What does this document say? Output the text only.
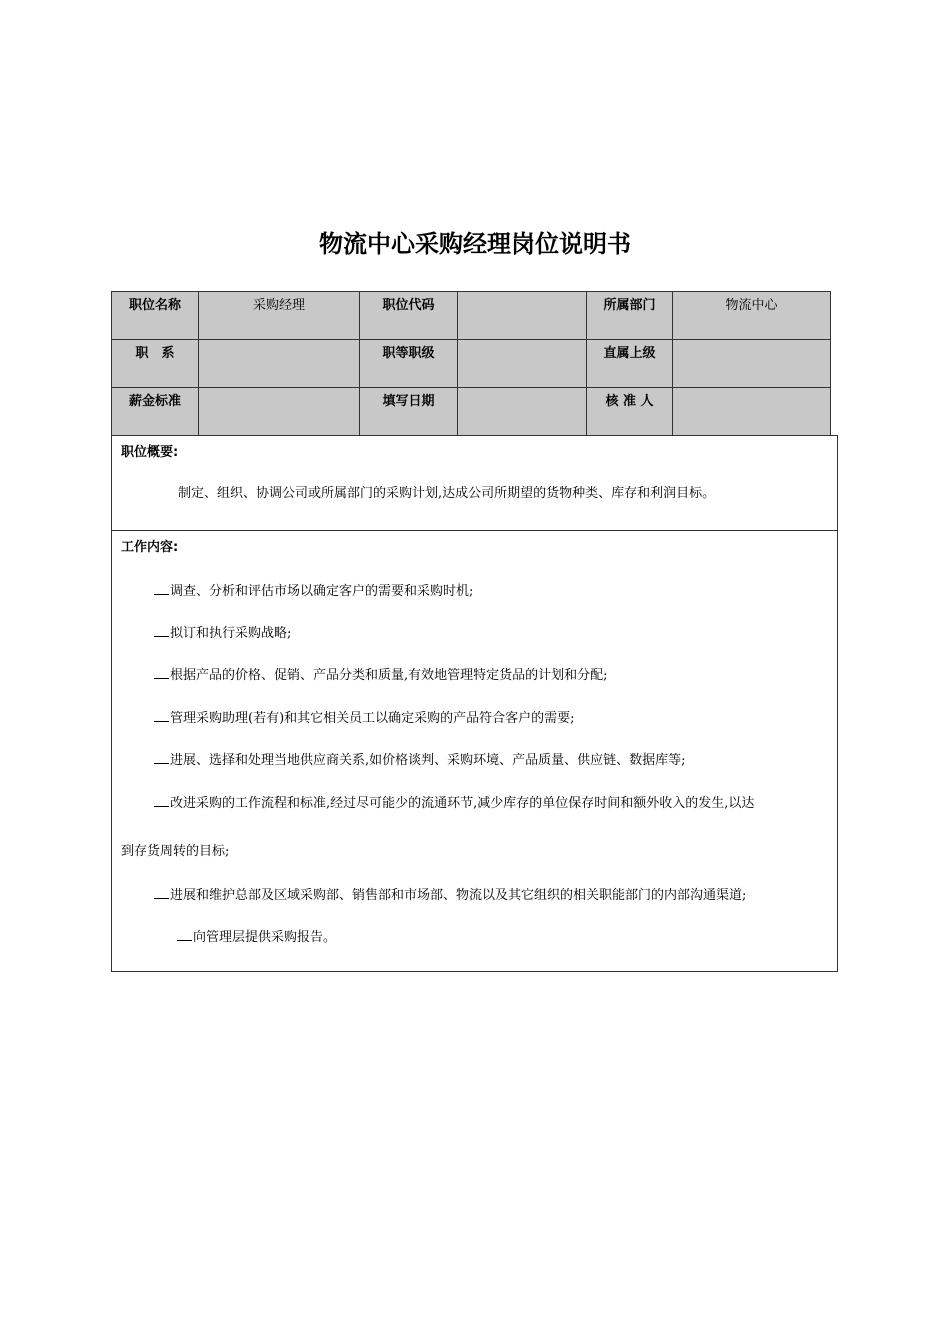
物流中心采购经理岗位说明书
职位名称	采购经理	职位代码		所属部门	物流中心
职　系		职等职级		直属上级	
薪金标准		填写日期		核 准 人	
职位概要:
制定、组织、协调公司或所属部门的采购计划,达成公司所期望的货物种类、库存和利润目标。
工作内容:
调查、分析和评估市场以确定客户的需要和采购时机;
拟订和执行采购战略;
根据产品的价格、促销、产品分类和质量,有效地管理特定货品的计划和分配;
管理采购助理(若有)和其它相关员工以确定采购的产品符合客户的需要;
进展、选择和处理当地供应商关系,如价格谈判、采购环境、产品质量、供应链、数据库等;
改进采购的工作流程和标准,经过尽可能少的流通环节,减少库存的单位保存时间和额外收入的发生,以达
到存货周转的目标;
进展和维护总部及区域采购部、销售部和市场部、物流以及其它组织的相关职能部门的内部沟通渠道;
向管理层提供采购报告。
